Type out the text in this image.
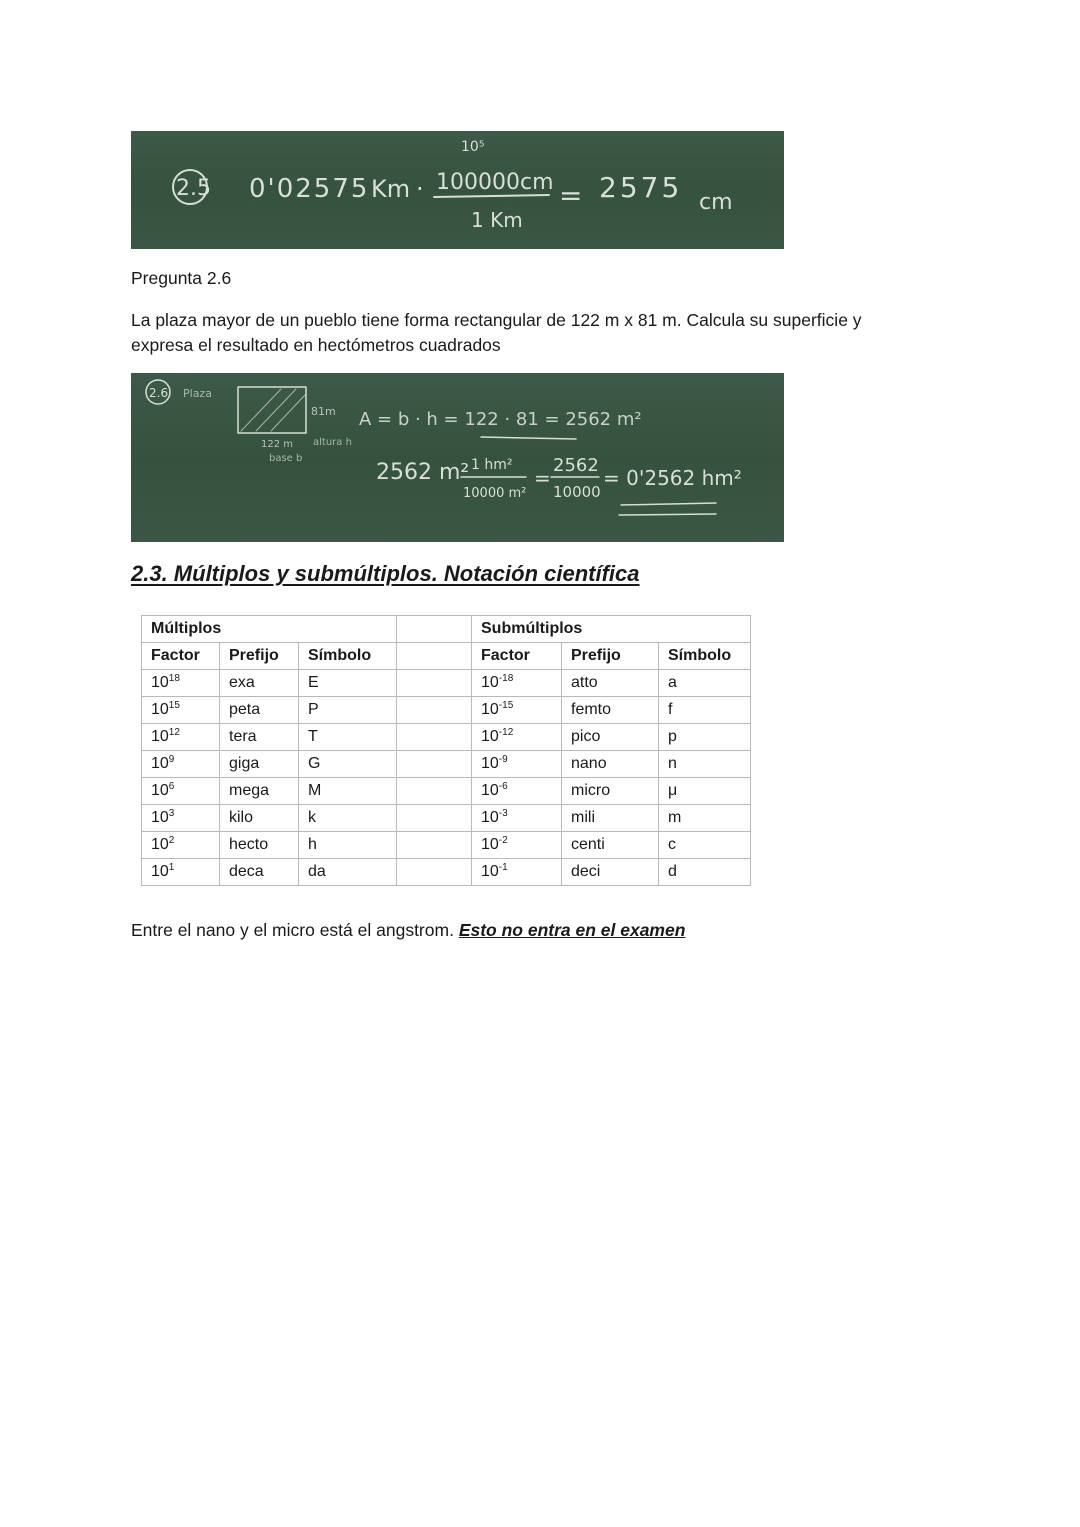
2.5
10⁵
0'02575 Km · 100000cm
1 Km
= 2575 cm

Pregunta 2.6

La plaza mayor de un pueblo tiene forma rectangular de 122 m x 81 m. Calcula su superficie y expresa el resultado en hectómetros cuadrados

2.6 Plaza
81m
122 m altura h
base b
A = b · h = 122 · 81 = 2562 m²
2562 m² 1 hm²
10000 m²
=
2562
10000
= 0'2562 hm²
2.3. Múltiplos y submúltiplos. Notación científica
Múltiplos				Submúltiplos		
Factor	Prefijo	Símbolo		Factor	Prefijo	Símbolo
$10^{18}$	exa	E		$10^{-18}$	atto	a
$10^{15}$	peta	P		$10^{-15}$	femto	f
$10^{12}$	tera	T		$10^{-12}$	pico	p
$10^9$	giga	G		$10^{-9}$	nano	n
$10^6$	mega	M		$10^{-6}$	micro	μ
$10^3$	kilo	k		$10^{-3}$	mili	m
$10^2$	hecto	h		$10^{-2}$	centi	c
$10^1$	deca	da		$10^{-1}$	deci	d

Entre el nano y el micro está el angstrom. Esto no entra en el examen
